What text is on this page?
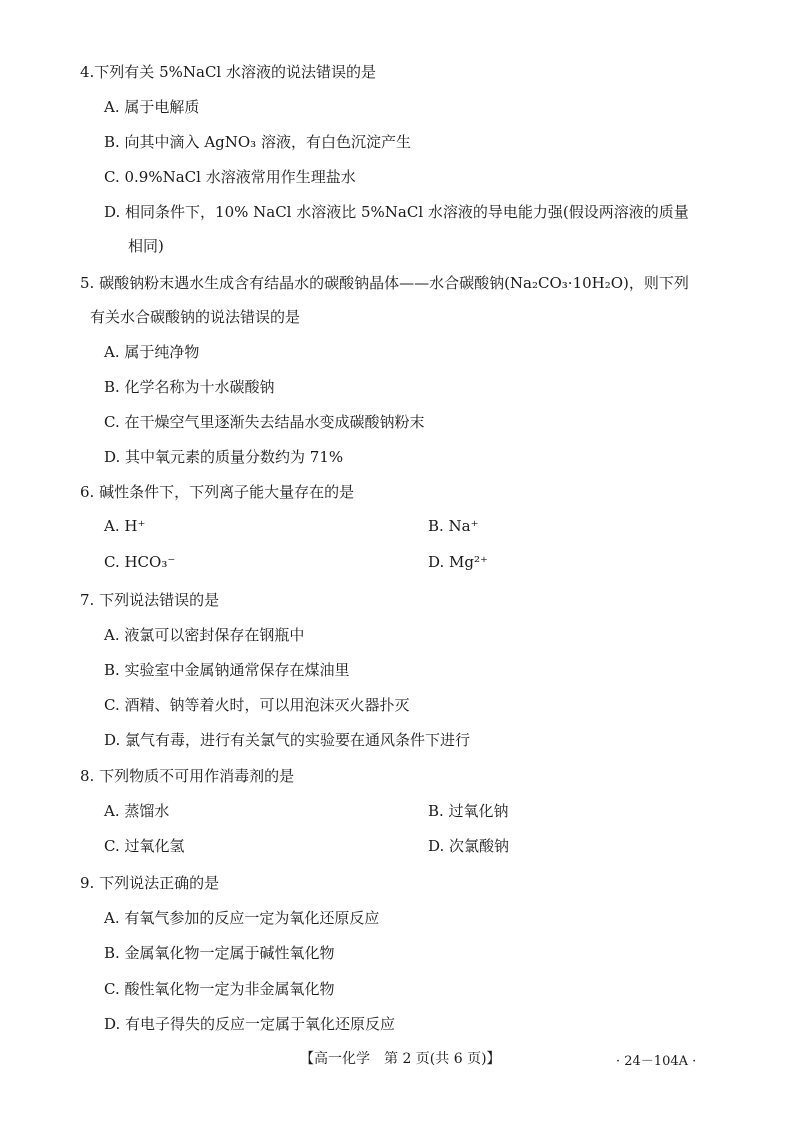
4.下列有关 5%NaCl 水溶液的说法错误的是
A. 属于电解质
B. 向其中滴入 AgNO₃ 溶液，有白色沉淀产生
C. 0.9%NaCl 水溶液常用作生理盐水
D. 相同条件下，10% NaCl 水溶液比 5%NaCl 水溶液的导电能力强(假设两溶液的质量
相同)
5. 碳酸钠粉末遇水生成含有结晶水的碳酸钠晶体——水合碳酸钠(Na₂CO₃·10H₂O)，则下列
有关水合碳酸钠的说法错误的是
A. 属于纯净物
B. 化学名称为十水碳酸钠
C. 在干燥空气里逐渐失去结晶水变成碳酸钠粉末
D. 其中氧元素的质量分数约为 71%
6. 碱性条件下，下列离子能大量存在的是
A. H⁺	B. Na⁺
C. HCO₃⁻	D. Mg²⁺
7. 下列说法错误的是
A. 液氯可以密封保存在钢瓶中
B. 实验室中金属钠通常保存在煤油里
C. 酒精、钠等着火时，可以用泡沫灭火器扑灭
D. 氯气有毒，进行有关氯气的实验要在通风条件下进行
8. 下列物质不可用作消毒剂的是
A. 蒸馏水	B. 过氧化钠
C. 过氧化氢	D. 次氯酸钠
9. 下列说法正确的是
A. 有氧气参加的反应一定为氧化还原反应
B. 金属氧化物一定属于碱性氧化物
C. 酸性氧化物一定为非金属氧化物
D. 有电子得失的反应一定属于氧化还原反应
【高一化学　第 2 页(共 6 页)】	· 24－104A ·
